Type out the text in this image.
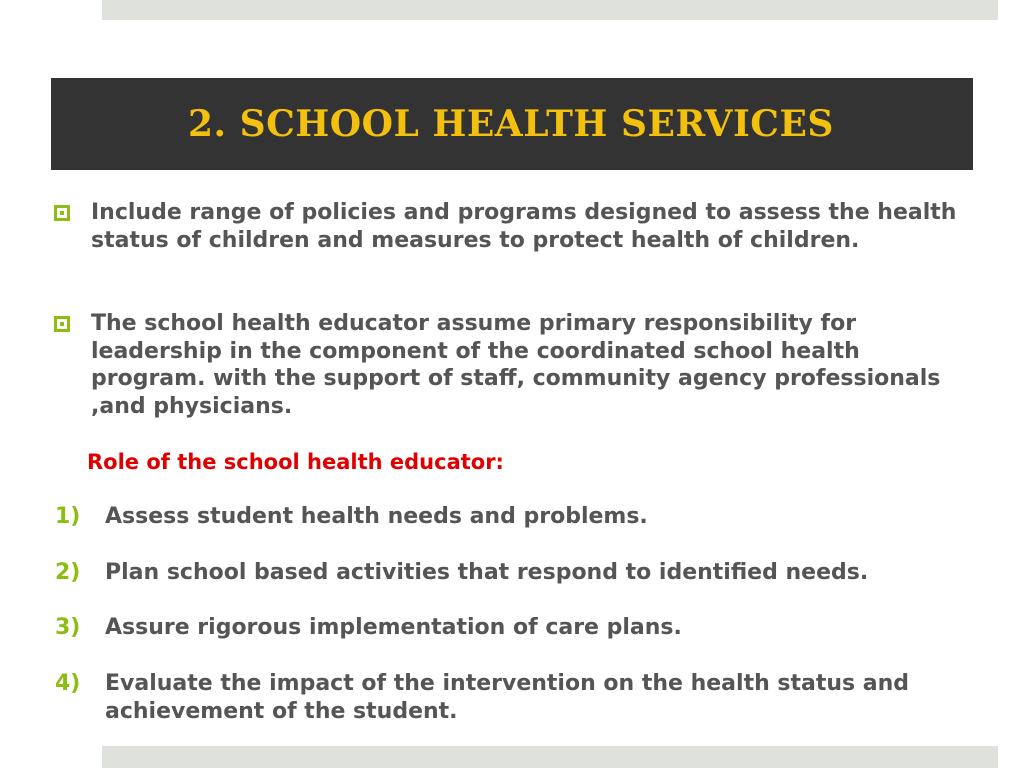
2. SCHOOL HEALTH SERVICES
Include range of policies and programs designed to assess the health status of children and measures to protect health of children.
The school health educator assume primary responsibility for leadership in the component of the coordinated school health program. with the support of staff, community agency professionals ,and physicians.
Role of the school health educator:
1) Assess student health needs and problems.
2) Plan school based activities that respond to identified needs.
3) Assure rigorous implementation of care plans.
4) Evaluate the impact of the intervention on the health status and achievement of the student.
